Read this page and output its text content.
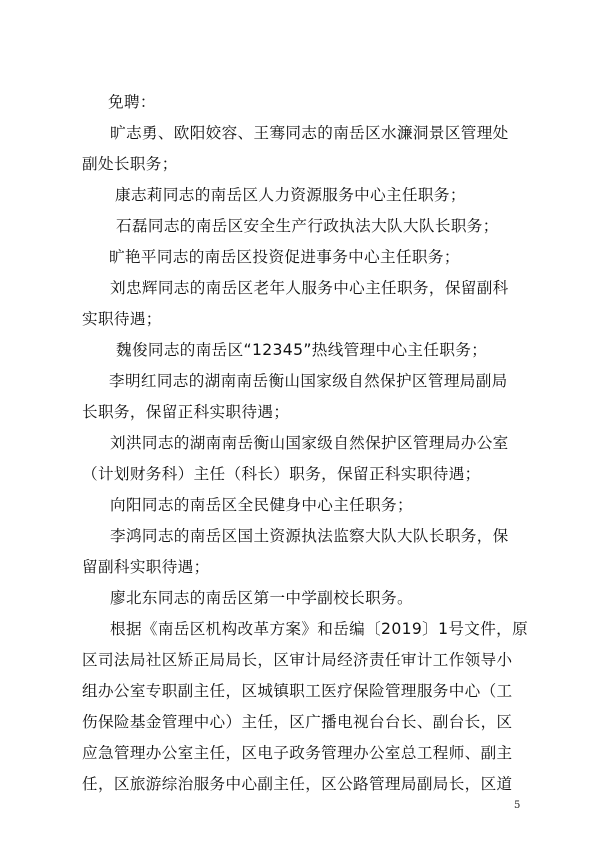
免聘：
旷志勇、欧阳姣容、王骞同志的南岳区水濂洞景区管理处
副处长职务；
康志莉同志的南岳区人力资源服务中心主任职务；
石磊同志的南岳区安全生产行政执法大队大队长职务；
旷艳平同志的南岳区投资促进事务中心主任职务；
刘忠辉同志的南岳区老年人服务中心主任职务，保留副科
实职待遇；
魏俊同志的南岳区“12345”热线管理中心主任职务；
李明红同志的湖南南岳衡山国家级自然保护区管理局副局
长职务，保留正科实职待遇；
刘洪同志的湖南南岳衡山国家级自然保护区管理局办公室
（计划财务科）主任（科长）职务，保留正科实职待遇；
向阳同志的南岳区全民健身中心主任职务；
李鸿同志的南岳区国土资源执法监察大队大队长职务，保
留副科实职待遇；
廖北东同志的南岳区第一中学副校长职务。
根据《南岳区机构改革方案》和岳编〔2019〕1号文件，原
区司法局社区矫正局局长，区审计局经济责任审计工作领导小
组办公室专职副主任，区城镇职工医疗保险管理服务中心（工
伤保险基金管理中心）主任，区广播电视台台长、副台长，区
应急管理办公室主任，区电子政务管理办公室总工程师、副主
任，区旅游综治服务中心副主任，区公路管理局副局长，区道
5
